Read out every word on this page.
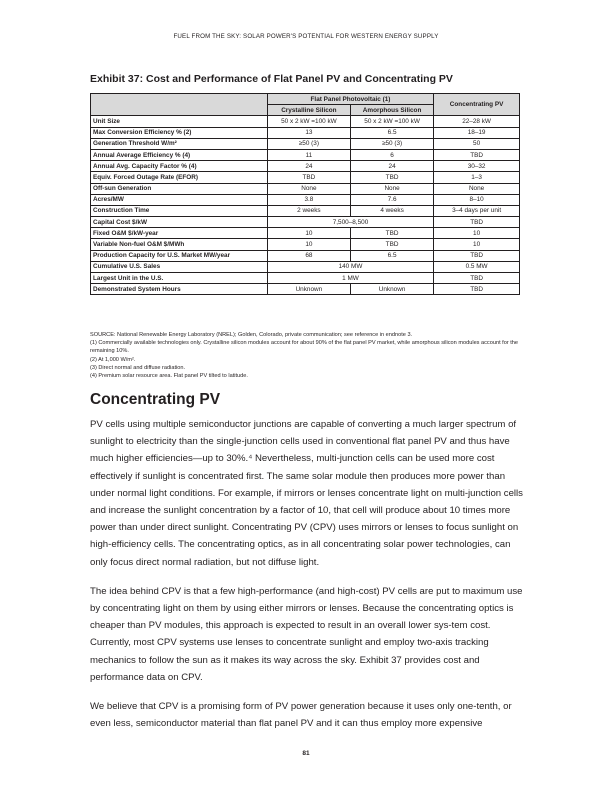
FUEL FROM THE SKY: SOLAR POWER'S POTENTIAL FOR WESTERN ENERGY SUPPLY
Exhibit 37: Cost and Performance of Flat Panel PV and Concentrating PV
	Flat Panel Photovoltaic (1)		Concentrating PV
	Crystalline Silicon	Amorphous Silicon	
Unit Size	50 x 2 kW =100 kW	50 x 2 kW =100 kW	22–28 kW
Max Conversion Efficiency % (2)	13	6.5	18–19
Generation Threshold W/m²	≥50 (3)	≥50 (3)	50
Annual Average Efficiency % (4)	11	6	TBD
Annual Avg. Capacity Factor % (4)	24	24	30–32
Equiv. Forced Outage Rate (EFOR)	TBD	TBD	1–3
Off-sun Generation	None	None	None
Acres/MW	3.8	7.6	8–10
Construction Time	2 weeks	4 weeks	3–4 days per unit
Capital Cost $/kW	7,500–8,500		TBD
Fixed O&M $/kW-year	10	TBD	10
Variable Non-fuel O&M $/MWh	10	TBD	10
Production Capacity for U.S. Market MW/year	68	6.5	TBD
Cumulative U.S. Sales	140 MW		0.5 MW
Largest Unit in the U.S.	1 MW		TBD
Demonstrated System Hours	Unknown	Unknown	TBD

SOURCE: National Renewable Energy Laboratory (NREL); Golden, Colorado, private communication; see reference in endnote 3.

(1) Commercially available technologies only. Crystalline silicon modules account for about 90% of the flat panel PV market, while amorphous silicon modules account for the remaining 10%.

(2) At 1,000 W/m².

(3) Direct normal and diffuse radiation.

(4) Premium solar resource area. Flat panel PV tilted to latitude.

Concentrating PV

PV cells using multiple semiconductor junctions are capable of converting a much larger spectrum of sunlight to electricity than the single-junction cells used in conventional flat panel PV and thus have much higher efficiencies—up to 30%.⁴ Nevertheless, multi-junction cells can be used more cost effectively if sunlight is concentrated first. The same solar module then produces more power than under normal light conditions. For example, if mirrors or lenses concentrate light on multi-junction cells and increase the sunlight concentration by a factor of 10, that cell will produce about 10 times more power than under direct sunlight. Concentrating PV (CPV) uses mirrors or lenses to focus sunlight on high-efficiency cells. The concentrating optics, as in all concentrating solar power technologies, can only focus direct normal radiation, but not diffuse light.

The idea behind CPV is that a few high-performance (and high-cost) PV cells are put to maximum use by concentrating light on them by using either mirrors or lenses. Because the concentrating optics is cheaper than PV modules, this approach is expected to result in an overall lower sys-tem cost. Currently, most CPV systems use lenses to concentrate sunlight and employ two-axis tracking mechanics to follow the sun as it makes its way across the sky. Exhibit 37 provides cost and performance data on CPV.

We believe that CPV is a promising form of PV power generation because it uses only one-tenth, or even less, semiconductor material than flat panel PV and it can thus employ more expensive

81
